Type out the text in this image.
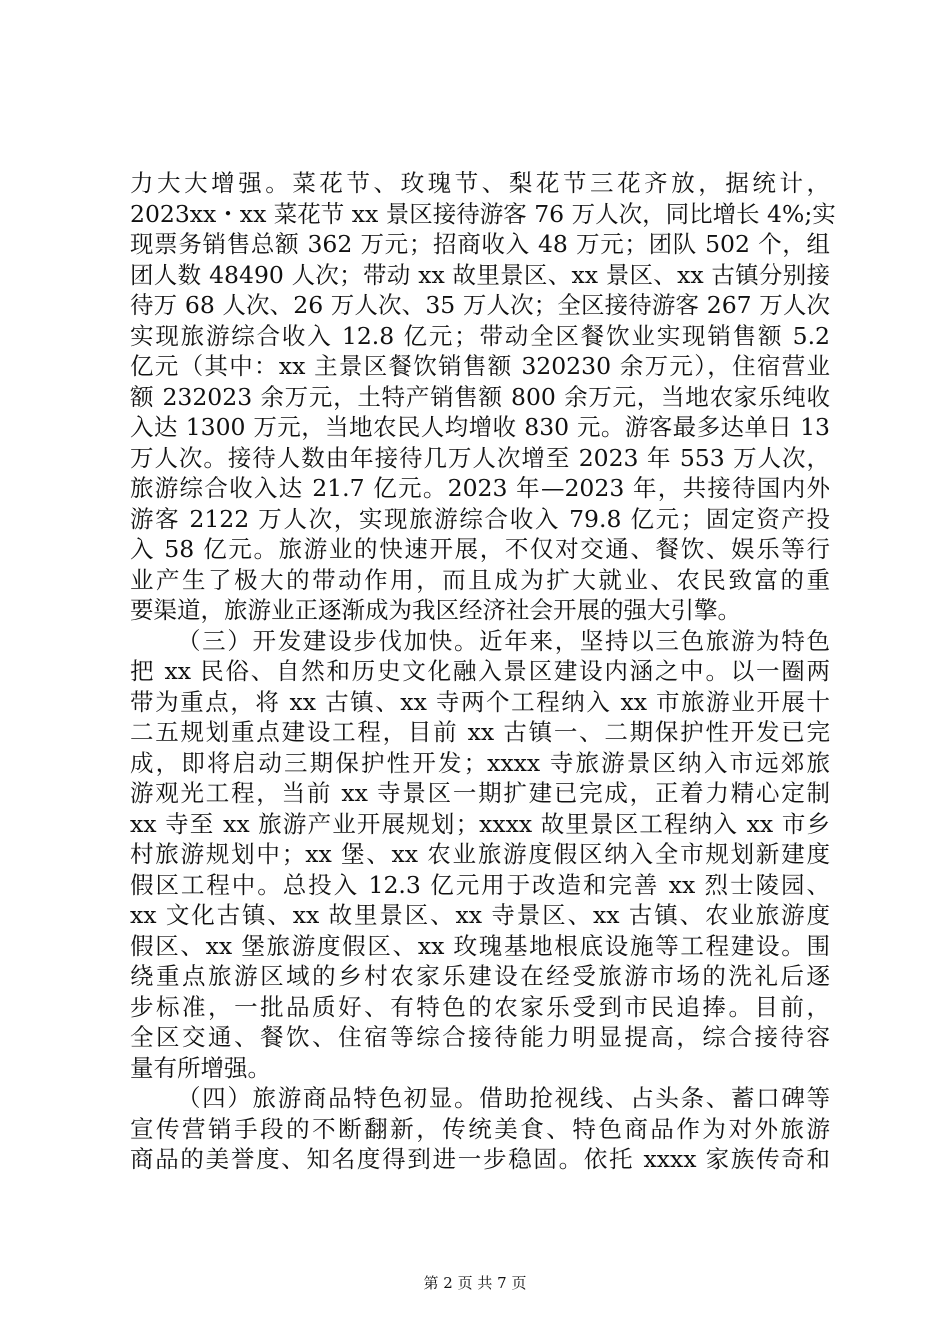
力大大增强。菜花节、玫瑰节、梨花节三花齐放，据统计，
2023xx・xx 菜花节 xx 景区接待游客 76 万人次，同比增长 4%;实
现票务销售总额 362 万元；招商收入 48 万元；团队 502 个，组
团人数 48490 人次；带动 xx 故里景区、xx 景区、xx 古镇分别接
待万 68 人次、26 万人次、35 万人次；全区接待游客 267 万人次
实现旅游综合收入 12.8 亿元；带动全区餐饮业实现销售额 5.2
亿元（其中：xx 主景区餐饮销售额 320230 余万元），住宿营业
额 232023 余万元，土特产销售额 800 余万元，当地农家乐纯收
入达 1300 万元，当地农民人均增收 830 元。游客最多达单日 13
万人次。接待人数由年接待几万人次增至 2023 年 553 万人次，
旅游综合收入达 21.7 亿元。2023 年—2023 年，共接待国内外
游客 2122 万人次，实现旅游综合收入 79.8 亿元；固定资产投
入 58 亿元。旅游业的快速开展，不仅对交通、餐饮、娱乐等行
业产生了极大的带动作用，而且成为扩大就业、农民致富的重
要渠道，旅游业正逐渐成为我区经济社会开展的强大引擎。
（三）开发建设步伐加快。近年来，坚持以三色旅游为特色
把 xx 民俗、自然和历史文化融入景区建设内涵之中。以一圈两
带为重点，将 xx 古镇、xx 寺两个工程纳入 xx 市旅游业开展十
二五规划重点建设工程，目前 xx 古镇一、二期保护性开发已完
成，即将启动三期保护性开发；xxxx 寺旅游景区纳入市远郊旅
游观光工程，当前 xx 寺景区一期扩建已完成，正着力精心定制
xx 寺至 xx 旅游产业开展规划；xxxx 故里景区工程纳入 xx 市乡
村旅游规划中；xx 堡、xx 农业旅游度假区纳入全市规划新建度
假区工程中。总投入 12.3 亿元用于改造和完善 xx 烈士陵园、
xx 文化古镇、xx 故里景区、xx 寺景区、xx 古镇、农业旅游度
假区、xx 堡旅游度假区、xx 玫瑰基地根底设施等工程建设。围
绕重点旅游区域的乡村农家乐建设在经受旅游市场的洗礼后逐
步标准，一批品质好、有特色的农家乐受到市民追捧。目前，
全区交通、餐饮、住宿等综合接待能力明显提高，综合接待容
量有所增强。
（四）旅游商品特色初显。借助抢视线、占头条、蓄口碑等
宣传营销手段的不断翻新，传统美食、特色商品作为对外旅游
商品的美誉度、知名度得到进一步稳固。依托 xxxx 家族传奇和
第 2 页 共 7 页
